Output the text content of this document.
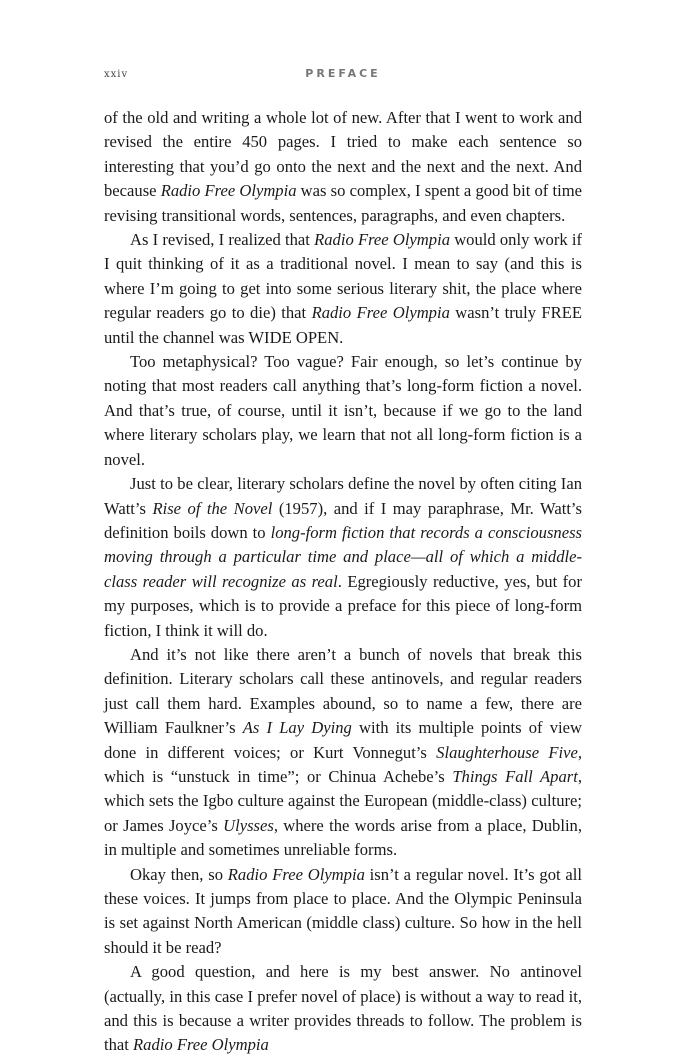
xxiv	PREFACE

of the old and writing a whole lot of new. After that I went to work and revised the entire 450 pages. I tried to make each sentence so interesting that you’d go onto the next and the next and the next. And because Radio Free Olympia was so complex, I spent a good bit of time revising transitional words, sentences, paragraphs, and even chapters.

As I revised, I realized that Radio Free Olympia would only work if I quit thinking of it as a traditional novel. I mean to say (and this is where I’m going to get into some serious literary shit, the place where regular readers go to die) that Radio Free Olympia wasn’t truly FREE until the channel was WIDE OPEN.

Too metaphysical? Too vague? Fair enough, so let’s continue by noting that most readers call anything that’s long-form fiction a novel. And that’s true, of course, until it isn’t, because if we go to the land where literary scholars play, we learn that not all long-form fiction is a novel.

Just to be clear, literary scholars define the novel by often citing Ian Watt’s Rise of the Novel (1957), and if I may paraphrase, Mr. Watt’s definition boils down to long-form fiction that records a consciousness moving through a particular time and place—all of which a middle-class reader will recognize as real. Egregiously reductive, yes, but for my purposes, which is to provide a preface for this piece of long-form fiction, I think it will do.

And it’s not like there aren’t a bunch of novels that break this definition. Literary scholars call these antinovels, and regular readers just call them hard. Examples abound, so to name a few, there are William Faulkner’s As I Lay Dying with its multiple points of view done in different voices; or Kurt Vonnegut’s Slaughterhouse Five, which is “unstuck in time”; or Chinua Achebe’s Things Fall Apart, which sets the Igbo culture against the European (middle-class) culture; or James Joyce’s Ulysses, where the words arise from a place, Dublin, in multiple and sometimes unreliable forms.

Okay then, so Radio Free Olympia isn’t a regular novel. It’s got all these voices. It jumps from place to place. And the Olympic Peninsula is set against North American (middle class) culture. So how in the hell should it be read?

A good question, and here is my best answer. No antinovel (actually, in this case I prefer novel of place) is without a way to read it, and this is because a writer provides threads to follow. The problem is that Radio Free Olympia
